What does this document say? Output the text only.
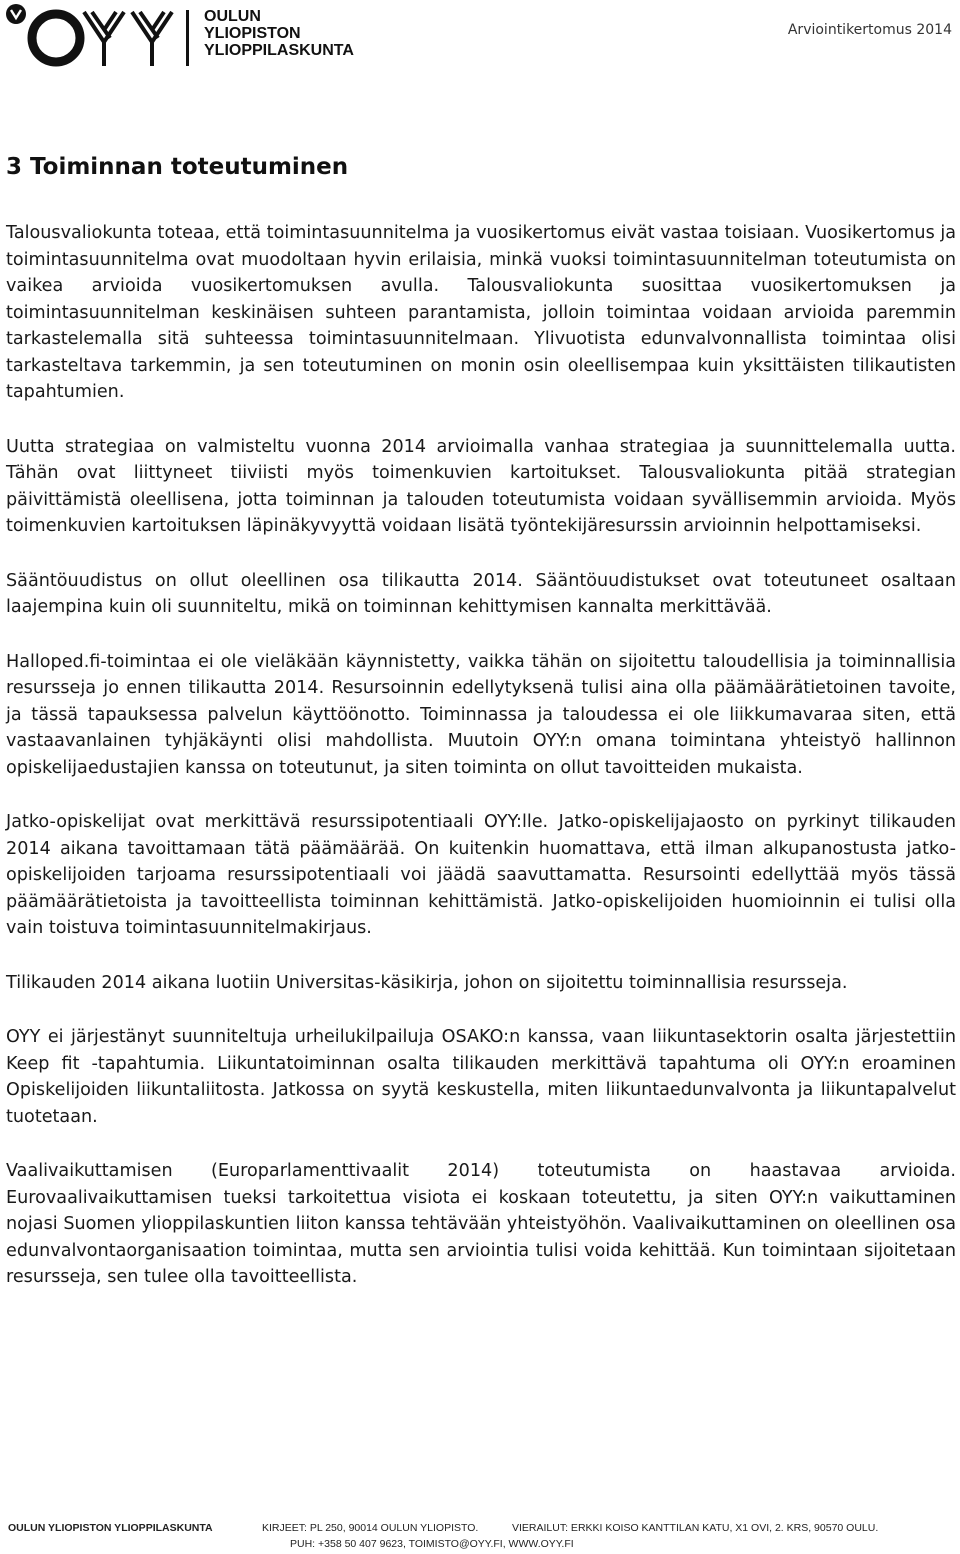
OULUN
YLIOPISTON
YLIOPPILASKUNTA
Arviointikertomus 2014
3 Toiminnan toteutuminen

Talousvaliokunta toteaa, että toimintasuunnitelma ja vuosikertomus eivät vastaa toisiaan. Vuosikertomus ja toimintasuunnitelma ovat muodoltaan hyvin erilaisia, minkä vuoksi toimintasuunnitelman toteutumista on vaikea arvioida vuosikertomuksen avulla. Talousvaliokunta suosittaa vuosikertomuksen ja toimintasuunnitelman keskinäisen suhteen parantamista, jolloin toimintaa voidaan arvioida paremmin tarkastelemalla sitä suhteessa toimintasuunnitelmaan. Ylivuotista edunvalvonnallista toimintaa olisi tarkasteltava tarkemmin, ja sen toteutuminen on monin osin oleellisempaa kuin yksittäisten tilikautisten tapahtumien.

Uutta strategiaa on valmisteltu vuonna 2014 arvioimalla vanhaa strategiaa ja suunnittelemalla uutta. Tähän ovat liittyneet tiiviisti myös toimenkuvien kartoitukset. Talousvaliokunta pitää strategian päivittämistä oleellisena, jotta toiminnan ja talouden toteutumista voidaan syvällisemmin arvioida. Myös toimenkuvien kartoituksen läpinäkyvyyttä voidaan lisätä työntekijäresurssin arvioinnin helpottamiseksi.

Sääntöuudistus on ollut oleellinen osa tilikautta 2014. Sääntöuudistukset ovat toteutuneet osaltaan laajempina kuin oli suunniteltu, mikä on toiminnan kehittymisen kannalta merkittävää.

Halloped.fi-toimintaa ei ole vieläkään käynnistetty, vaikka tähän on sijoitettu taloudellisia ja toiminnallisia resursseja jo ennen tilikautta 2014. Resursoinnin edellytyksenä tulisi aina olla päämäärätietoinen tavoite, ja tässä tapauksessa palvelun käyttöönotto. Toiminnassa ja taloudessa ei ole liikkumavaraa siten, että vastaavanlainen tyhjäkäynti olisi mahdollista. Muutoin OYY:n omana toimintana yhteistyö hallinnon opiskelijaedustajien kanssa on toteutunut, ja siten toiminta on ollut tavoitteiden mukaista.

Jatko-opiskelijat ovat merkittävä resurssipotentiaali OYY:lle. Jatko-opiskelijajaosto on pyrkinyt tilikauden 2014 aikana tavoittamaan tätä päämäärää. On kuitenkin huomattava, että ilman alkupanostusta jatko-opiskelijoiden tarjoama resurssipotentiaali voi jäädä saavuttamatta. Resursointi edellyttää myös tässä päämäärätietoista ja tavoitteellista toiminnan kehittämistä. Jatko-opiskelijoiden huomioinnin ei tulisi olla vain toistuva toimintasuunnitelmakirjaus.

Tilikauden 2014 aikana luotiin Universitas-käsikirja, johon on sijoitettu toiminnallisia resursseja.

OYY ei järjestänyt suunniteltuja urheilukilpailuja OSAKO:n kanssa, vaan liikuntasektorin osalta järjestettiin Keep fit -tapahtumia. Liikuntatoiminnan osalta tilikauden merkittävä tapahtuma oli OYY:n eroaminen Opiskelijoiden liikuntaliitosta. Jatkossa on syytä keskustella, miten liikuntaedunvalvonta ja liikuntapalvelut tuotetaan.

Vaalivaikuttamisen (Europarlamenttivaalit 2014) toteutumista on haastavaa arvioida. Eurovaalivaikuttamisen tueksi tarkoitettua visiota ei koskaan toteutettu, ja siten OYY:n vaikuttaminen nojasi Suomen ylioppilaskuntien liiton kanssa tehtävään yhteistyöhön. Vaalivaikuttaminen on oleellinen osa edunvalvontaorganisaation toimintaa, mutta sen arviointia tulisi voida kehittää. Kun toimintaan sijoitetaan resursseja, sen tulee olla tavoitteellista.

OULUN YLIOPISTON YLIOPPILASKUNTA	KIRJEET: PL 250, 90014 OULUN YLIOPISTO.	VIERAILUT: ERKKI KOISO KANTTILAN KATU, X1 OVI, 2. KRS, 90570 OULU.
PUH: +358 50 407 9623, TOIMISTO@OYY.FI, WWW.OYY.FI
